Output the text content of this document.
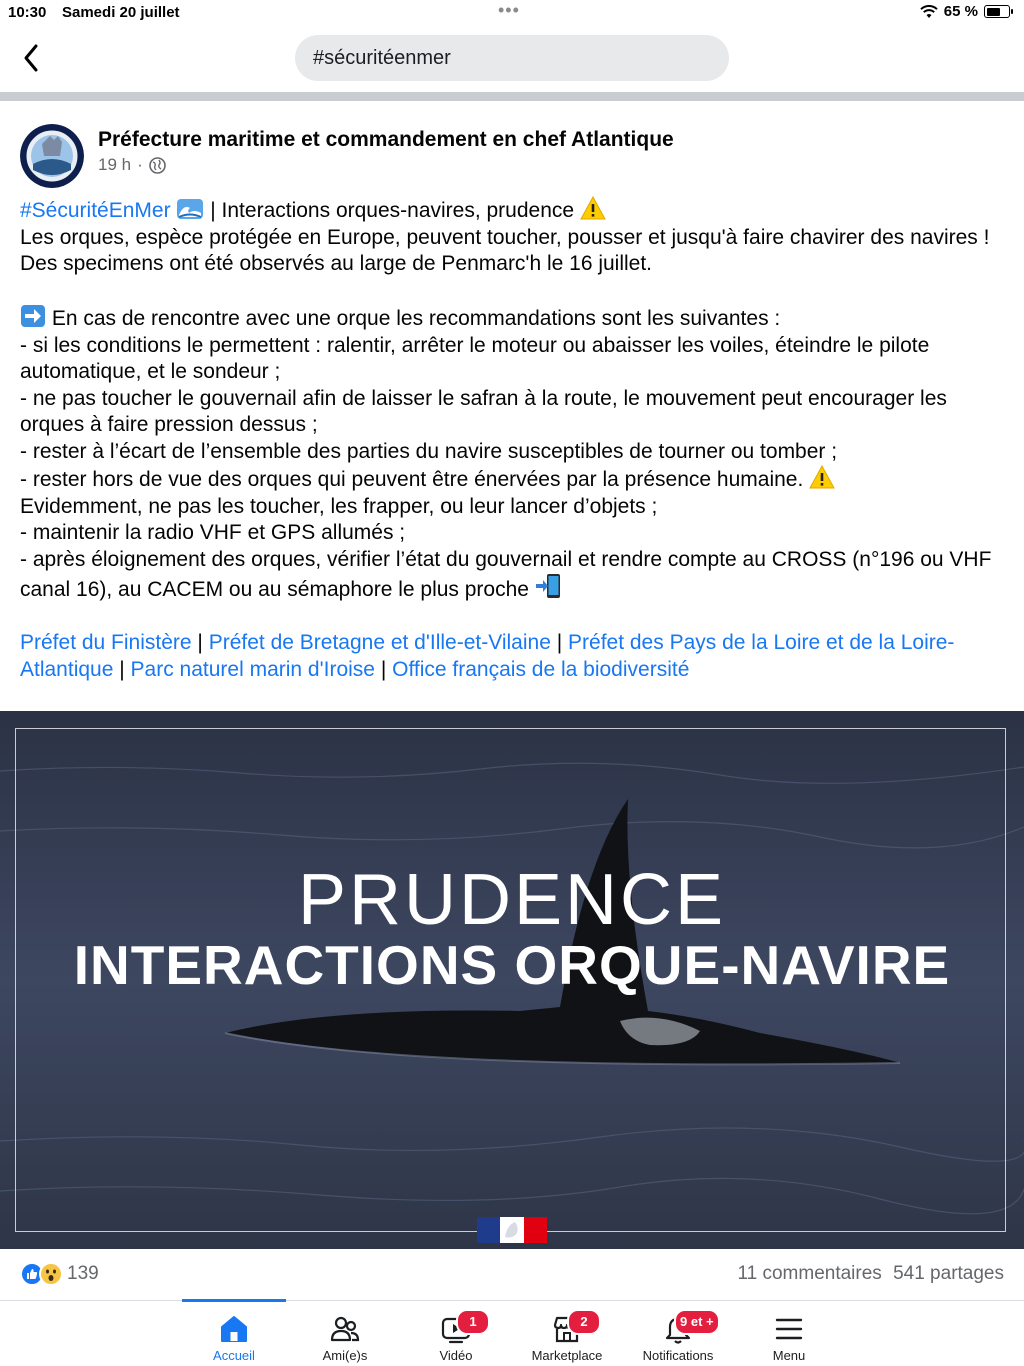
10:30 Samedi 20 juillet	•••	65 %
#sécuritéenmer
Préfecture maritime et commandement en chef Atlantique
19 h ·

#SécuritéEnMer  | Interactions orques-navires, prudence

Les orques, espèce protégée en Europe, peuvent toucher, pousser et jusqu'à faire chavirer des navires !

Des specimens ont été observés au large de Penmarc'h le 16 juillet.

En cas de rencontre avec une orque les recommandations sont les suivantes :

- si les conditions le permettent : ralentir, arrêter le moteur ou abaisser les voiles, éteindre le pilote automatique, et le sondeur ;

- ne pas toucher le gouvernail afin de laisser le safran à la route, le mouvement peut encourager les orques à faire pression dessus ;

- rester à l’écart de l’ensemble des parties du navire susceptibles de tourner ou tomber ;

- rester hors de vue des orques qui peuvent être énervées par la présence humaine.

Evidemment, ne pas les toucher, les frapper, ou leur lancer d’objets ;

- maintenir la radio VHF et GPS allumés ;

- après éloignement des orques, vérifier l’état du gouvernail et rendre compte au CROSS (n°196 ou VHF canal 16), au CACEM ou au sémaphore le plus proche

Préfet du Finistère | Préfet de Bretagne et d'Ille-et-Vilaine | Préfet des Pays de la Loire et de la Loire-Atlantique | Parc naturel marin d'Iroise | Office français de la biodiversité

PRUDENCE
INTERACTIONS ORQUE-NAVIRE
139	11 commentaires 541 partages
Accueil	Ami(e)s
1
Vidéo
2
Marketplace
9 et +
Notifications	Menu
